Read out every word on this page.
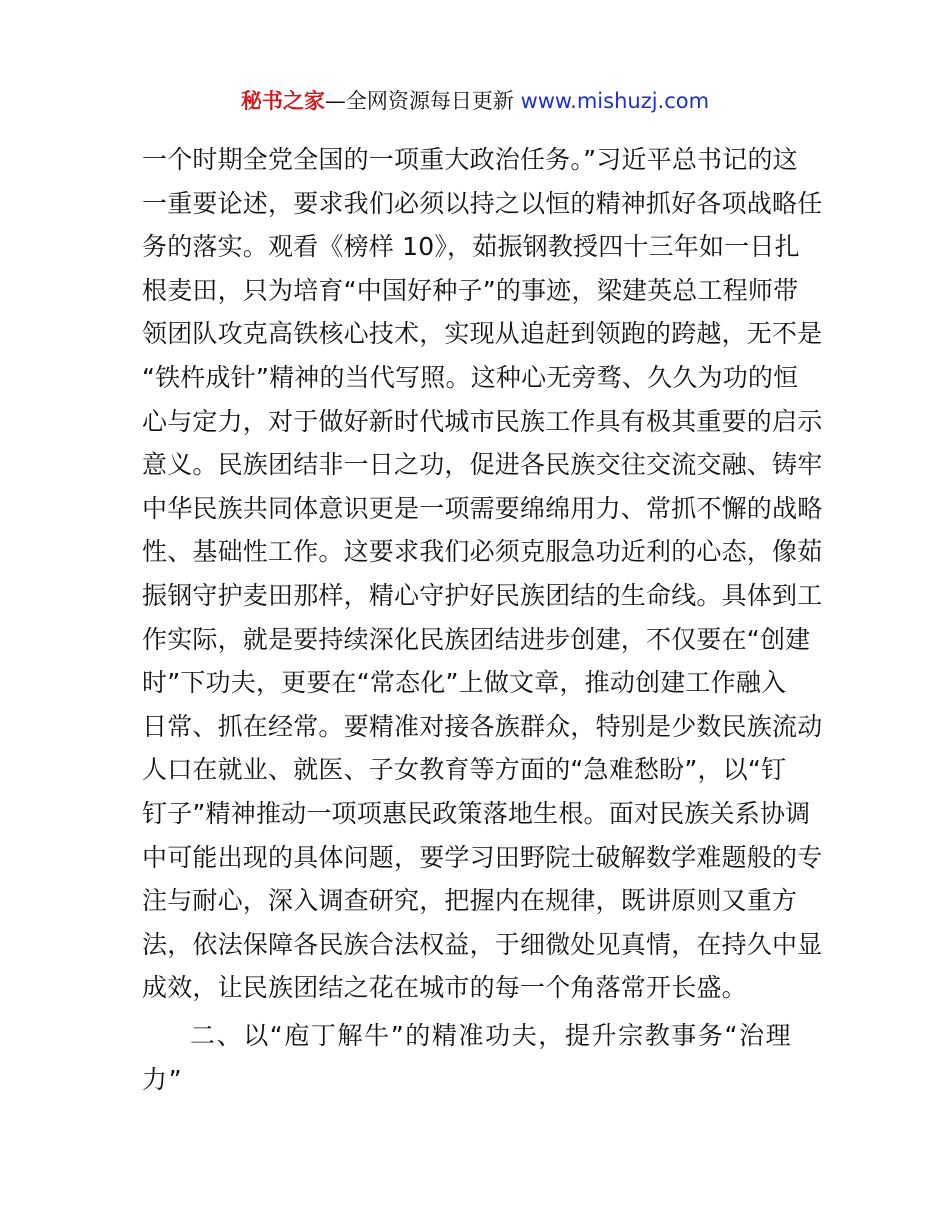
秘书之家—全网资源每日更新 www.mishuzj.com
一个时期全党全国的一项重大政治任务。”习近平总书记的这
一重要论述，要求我们必须以持之以恒的精神抓好各项战略任
务的落实。观看《榜样 10》，茹振钢教授四十三年如一日扎
根麦田，只为培育“中国好种子”的事迹，梁建英总工程师带
领团队攻克高铁核心技术，实现从追赶到领跑的跨越，无不是
“铁杵成针”精神的当代写照。这种心无旁骛、久久为功的恒
心与定力，对于做好新时代城市民族工作具有极其重要的启示
意义。民族团结非一日之功，促进各民族交往交流交融、铸牢
中华民族共同体意识更是一项需要绵绵用力、常抓不懈的战略
性、基础性工作。这要求我们必须克服急功近利的心态，像茹
振钢守护麦田那样，精心守护好民族团结的生命线。具体到工
作实际，就是要持续深化民族团结进步创建，不仅要在“创建
时”下功夫，更要在“常态化”上做文章，推动创建工作融入
日常、抓在经常。要精准对接各族群众，特别是少数民族流动
人口在就业、就医、子女教育等方面的“急难愁盼”，以“钉
钉子”精神推动一项项惠民政策落地生根。面对民族关系协调
中可能出现的具体问题，要学习田野院士破解数学难题般的专
注与耐心，深入调查研究，把握内在规律，既讲原则又重方
法，依法保障各民族合法权益，于细微处见真情，在持久中显
成效，让民族团结之花在城市的每一个角落常开长盛。
二、以“庖丁解牛”的精准功夫，提升宗教事务“治理
力”
